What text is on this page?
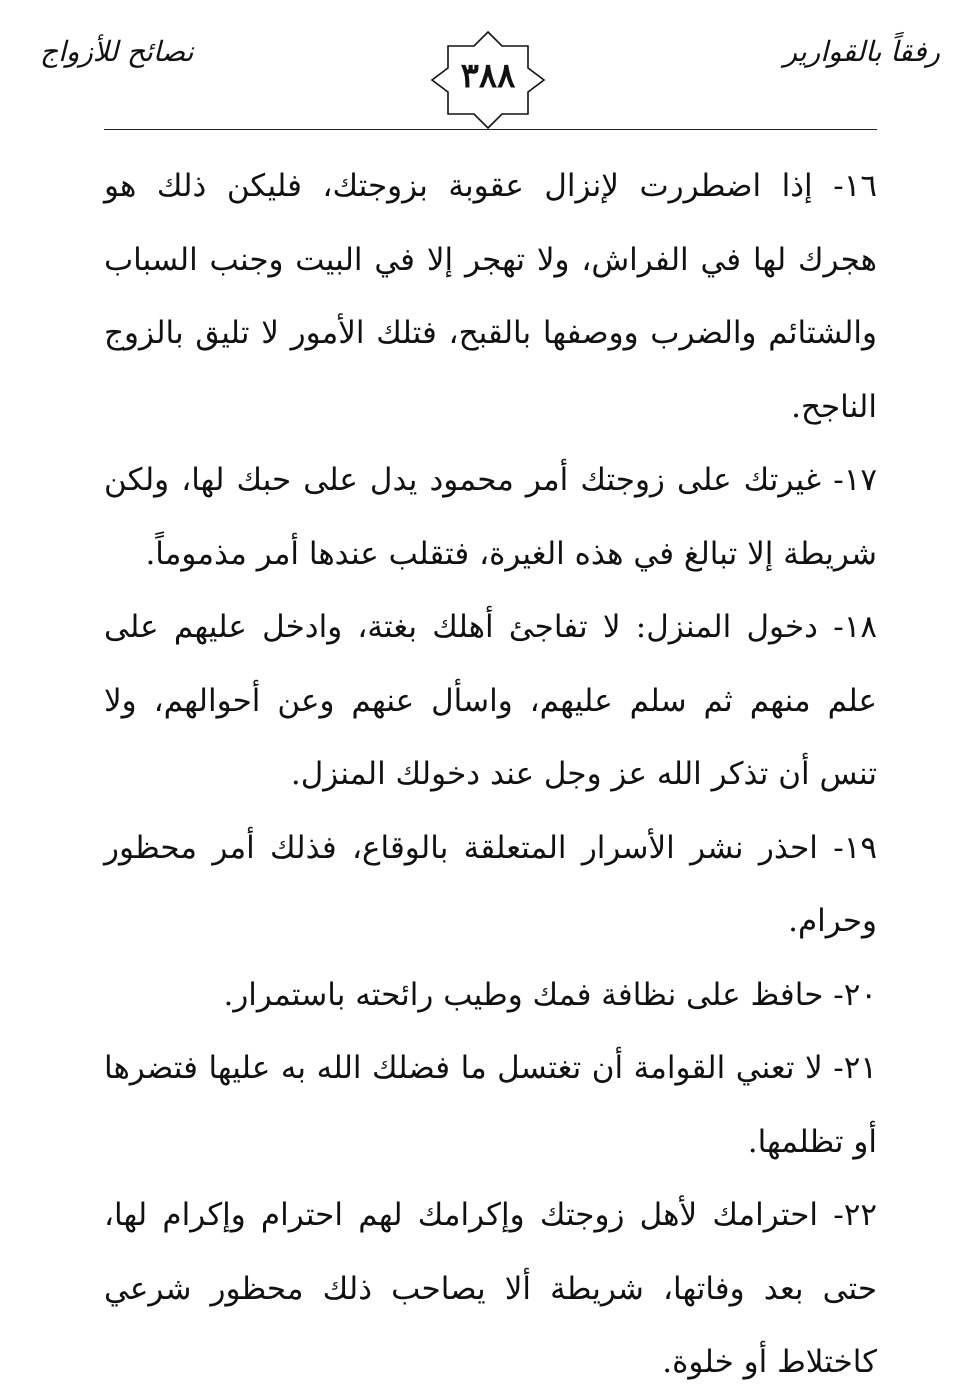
رفقاً بالقوارير
نصائح للأزواج
٣٨٨

١٦- إذا اضطررت لإنزال عقوبة بزوجتك، فليكن ذلك هو هجرك لها في الفراش، ولا تهجر إلا في البيت وجنب السباب والشتائم والضرب ووصفها بالقبح، فتلك الأمور لا تليق بالزوج الناجح.

١٧- غيرتك على زوجتك أمر محمود يدل على حبك لها، ولكن شريطة إلا تبالغ في هذه الغيرة، فتقلب عندها أمر مذموماً.

١٨- دخول المنزل: لا تفاجئ أهلك بغتة، وادخل عليهم على علم منهم ثم سلم عليهم، واسأل عنهم وعن أحوالهم، ولا تنس أن تذكر الله عز وجل عند دخولك المنزل.

١٩- احذر نشر الأسرار المتعلقة بالوقاع، فذلك أمر محظور وحرام.

٢٠- حافظ على نظافة فمك وطيب رائحته باستمرار.

٢١- لا تعني القوامة أن تغتسل ما فضلك الله به عليها فتضرها أو تظلمها.

٢٢- احترامك لأهل زوجتك وإكرامك لهم احترام وإكرام لها، حتى بعد وفاتها، شريطة ألا يصاحب ذلك محظور شرعي كاختلاط أو خلوة.
